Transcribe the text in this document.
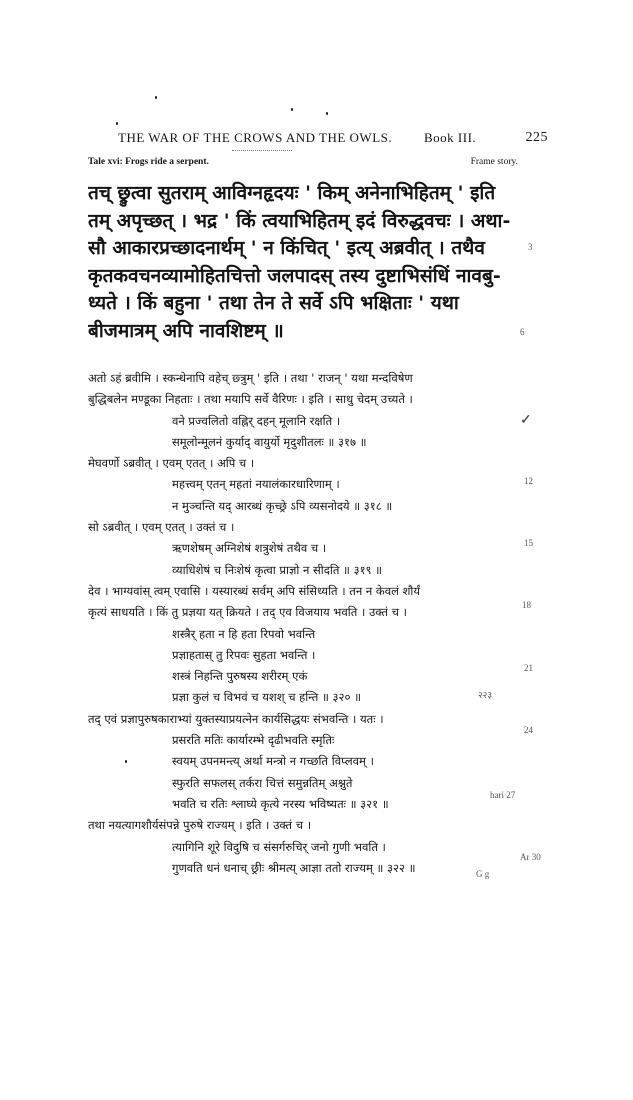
THE WAR OF THE CROWS AND THE OWLS. Book III.	225
Tale xvi: Frogs ride a serpent.	Frame story.
तच् छ्रुत्वा सुतराम् आविग्नहृदयः ' किम् अनेनाभिहितम् ' इति
तम् अपृच्छत् । भद्र ' किं त्वयाभिहितम् इदं विरुद्धवचः । अथा-
सौ आकारप्रच्छादनार्थम् ' न किंचित् ' इत्य् अब्रवीत् । तथैव
कृतकवचनव्यामोहितचित्तो जलपादस् तस्य दुष्टाभिसंधिं नावबु-
ध्यते । किं बहुना ' तथा तेन ते सर्वे ऽपि भक्षिताः ' यथा
बीजमात्रम् अपि नावशिष्टम् ॥
3
6
अतो ऽहं ब्रवीमि । स्कन्धेनापि वहेच् छ्त्रुम् ' इति । तथा ' राजन् ' यथा मन्दविषेण
बुद्धिबलेन मण्डूका निहताः । तथा मयापि सर्वे वैरिणः । इति । साधु चेदम् उच्यते ।
वने प्रज्वलितो वह्निर् दहन् मूलानि रक्षति ।
समूलोन्मूलनं कुर्याद् वायुर्यो मृदुशीतलः ॥ ३१७ ॥
मेघवर्णो ऽब्रवीत् । एवम् एतत् । अपि च ।
महत्त्वम् एतन् महतां नयालंकारधारिणाम् ।
न मुञ्चन्ति यद् आरब्धं कृच्छ्रे ऽपि व्यसनोदये ॥ ३१८ ॥
सो ऽब्रवीत् । एवम् एतत् । उक्तं च ।
ऋणशेषम् अग्निशेषं शत्रुशेषं तथैव च ।
व्याधिशेषं च निःशेषं कृत्वा प्राज्ञो न सीदति ॥ ३१९ ॥
देव । भाग्यवांस् त्वम् एवासि । यस्यारब्धं सर्वम् अपि संसिध्यति । तन न केवलं शौर्यं
कृत्यं साधयति । किं तु प्रज्ञया यत् क्रियते । तद् एव विजयाय भवति । उक्तं च ।
शस्त्रैर् हता न हि हता रिपवो भवन्ति
प्रज्ञाहतास् तु रिपवः सुहता भवन्ति ।
शस्त्रं निहन्ति पुरुषस्य शरीरम् एकं
प्रज्ञा कुलं च विभवं च यशश् च हन्ति ॥ ३२० ॥
तद् एवं प्रज्ञापुरुषकाराभ्यां युक्तस्याप्रयत्नेन कार्यसिद्धयः संभवन्ति । यतः ।
प्रसरति मतिः कार्यारम्भे दृढीभवति स्मृतिः
स्वयम् उपनमन्त्य् अर्था मन्त्रो न गच्छति विप्लवम् ।
स्फुरति सफलस् तर्करा चित्तं समुन्नतिम् अश्नुते
भवति च रतिः श्लाघ्ये कृत्ये नरस्य भविष्यतः ॥ ३२१ ॥
तथा नयत्यागशौर्यसंपन्ने पुरुषे राज्यम् । इति । उक्तं च ।
त्यागिनि शूरे विदुषि च संसर्गरुचिर् जनो गुणी भवति ।
गुणवति धनं धनाच् छ्रीः श्रीमत्य् आज्ञा ततो राज्यम् ॥ ३२२ ॥
12
15
18
21
२२३
24
hari 27
Ar 30
G g
✓
